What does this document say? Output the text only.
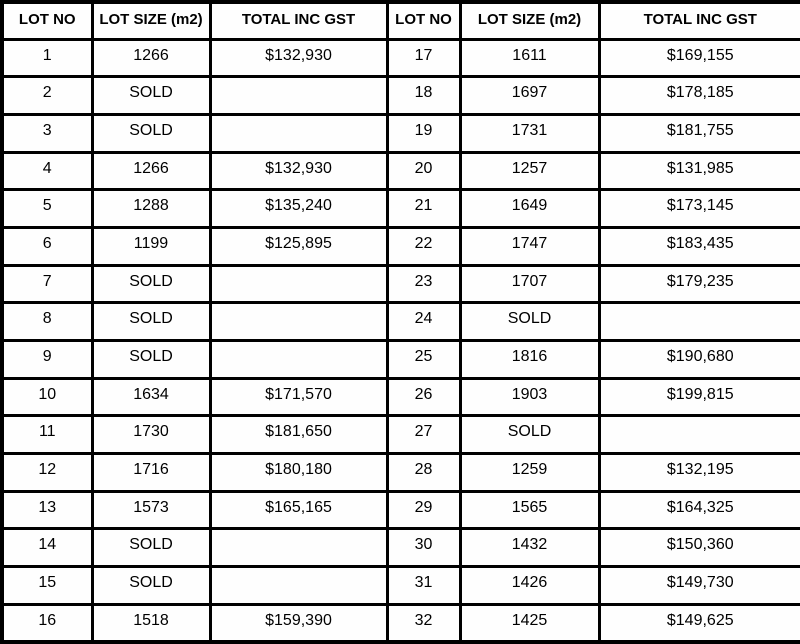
LOT NO	LOT SIZE (m2)	TOTAL INC GST	LOT NO	LOT SIZE (m2)	TOTAL INC GST
1	1266	$132,930	17	1611	$169,155
2	SOLD		18	1697	$178,185
3	SOLD		19	1731	$181,755
4	1266	$132,930	20	1257	$131,985
5	1288	$135,240	21	1649	$173,145
6	1199	$125,895	22	1747	$183,435
7	SOLD		23	1707	$179,235
8	SOLD		24	SOLD	
9	SOLD		25	1816	$190,680
10	1634	$171,570	26	1903	$199,815
11	1730	$181,650	27	SOLD	
12	1716	$180,180	28	1259	$132,195
13	1573	$165,165	29	1565	$164,325
14	SOLD		30	1432	$150,360
15	SOLD		31	1426	$149,730
16	1518	$159,390	32	1425	$149,625
